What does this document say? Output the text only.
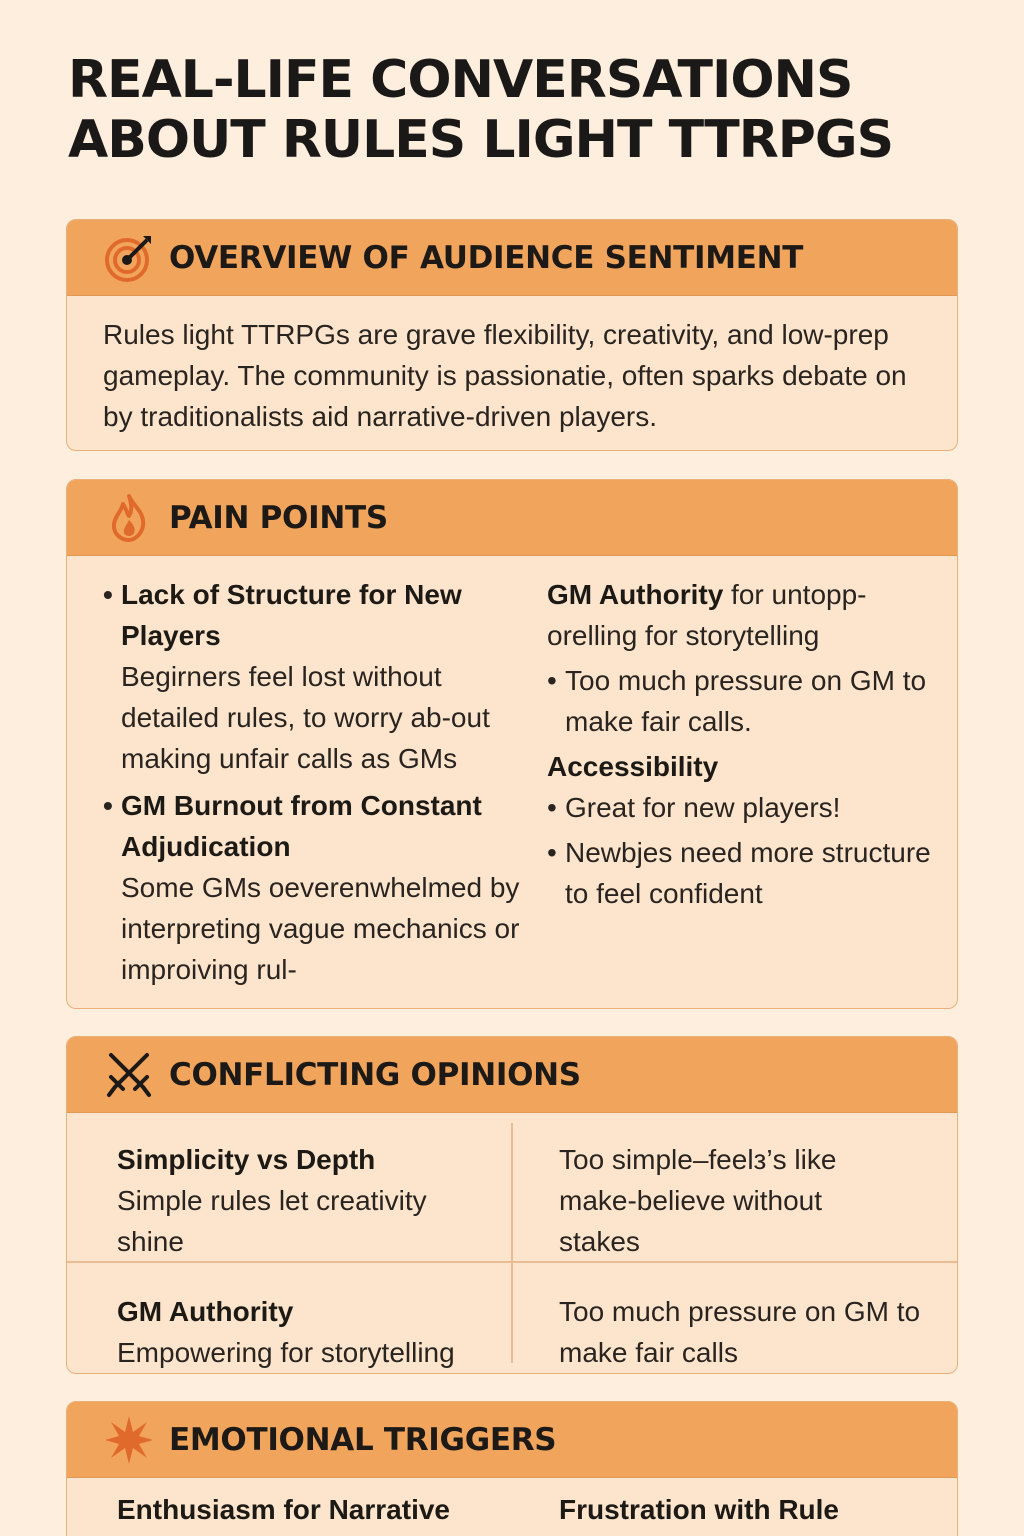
REAL-LIFE CONVERSATIONS
ABOUT RULES LIGHT TTRPGS
OVERVIEW OF AUDIENCE SENTIMENT
Rules light TTRPGs are grave flexibility, creativity, and low-prep gameplay. The community is passionatie, often sparks debate on by traditionalists aid narrative-driven players.
PAIN POINTS
• Lack of Structure for New Players
Begirners feel lost without detailed rules, to worry ab-out making unfair calls as GMs
• GM Burnout from Constant Adjudication
Some GMs oeverenwhelmed by interpreting vague mechanics or improiving rul-
GM Authority for untopp-orelling for storytelling
• Too much pressure on GM to make fair calls.
Accessibility
• Great for new players!
• Newbjes need more structure to feel confident
CONFLICTING OPINIONS
Simplicity vs Depth
Simple rules let creativity shine
Too simple–feelз’s like make-believe without stakes
GM Authority
Empowering for storytelling
Too much pressure on GM to make fair calls
EMOTIONAL TRIGGERS
Enthusiasm for Narrative	Frustration with Rule
